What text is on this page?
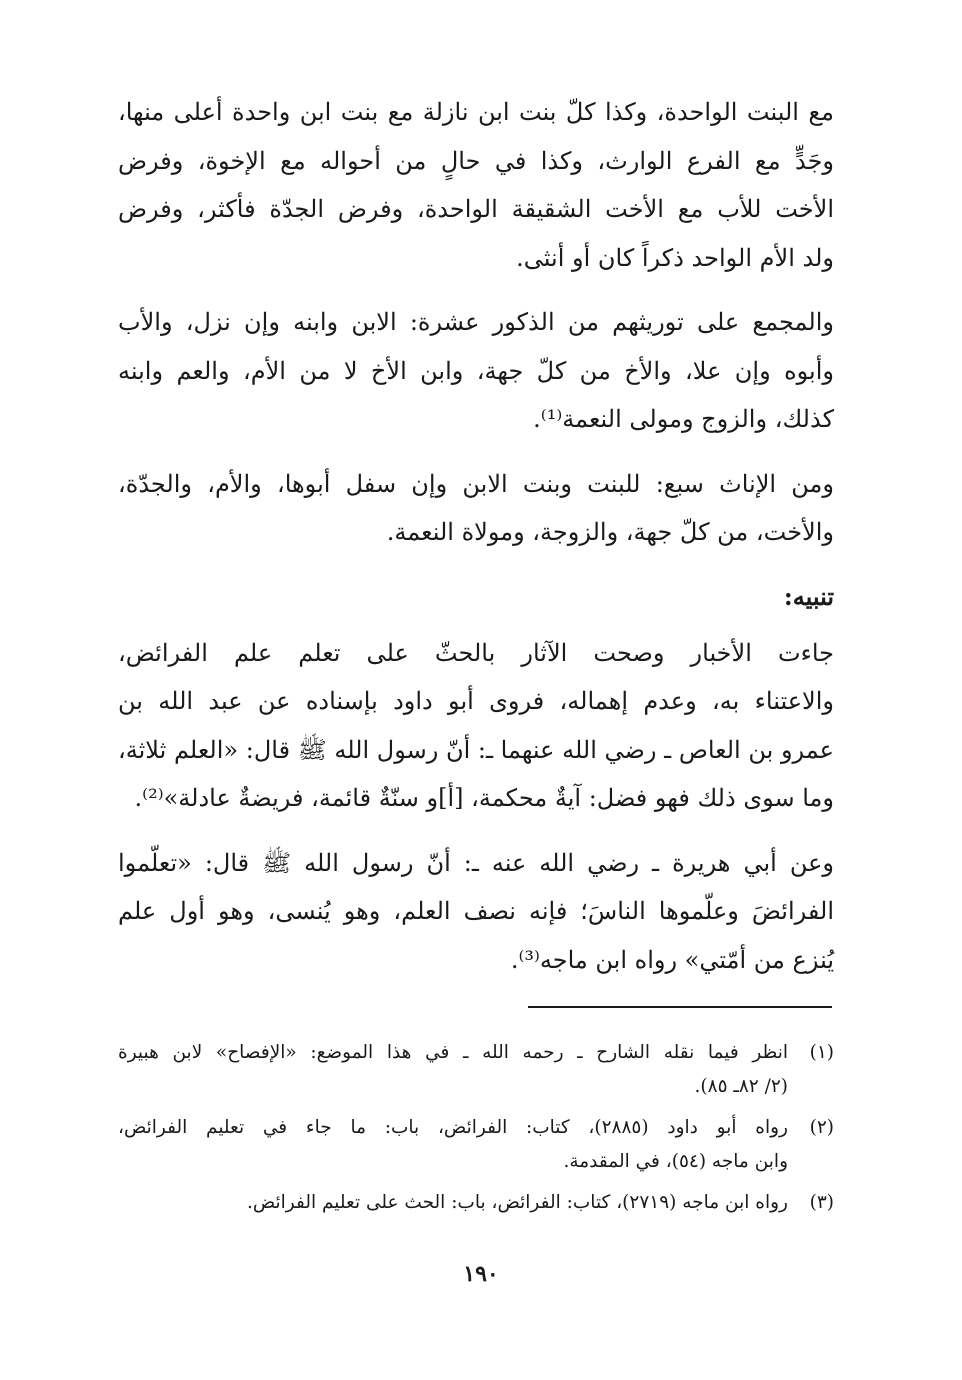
مع البنت الواحدة، وكذا كلّ بنت ابن نازلة مع بنت ابن واحدة أعلى منها،
وجَدٍّ مع الفرع الوارث، وكذا في حالٍ من أحواله مع الإخوة، وفرض
الأخت للأب مع الأخت الشقيقة الواحدة، وفرض الجدّة فأكثر، وفرض
ولد الأم الواحد ذكراً كان أو أنثى.
والمجمع على توريثهم من الذكور عشرة: الابن وابنه وإن نزل، والأب
وأبوه وإن علا، والأخ من كلّ جهة، وابن الأخ لا من الأم، والعم وابنه
كذلك، والزوج ومولى النعمة⁽¹⁾.
ومن الإناث سبع: للبنت وبنت الابن وإن سفل أبوها، والأم، والجدّة،
والأخت، من كلّ جهة، والزوجة، ومولاة النعمة.
تنبيه:
جاءت الأخبار وصحت الآثار بالحثّ على تعلم علم الفرائض،
والاعتناء به، وعدم إهماله، فروى أبو داود بإسناده عن عبد الله بن
عمرو بن العاص ـ رضي الله عنهما ـ: أنّ رسول الله ﷺ قال: «العلم ثلاثة،
وما سوى ذلك فهو فضل: آيةٌ محكمة، [أ]و سنّةٌ قائمة، فريضةٌ عادلة»⁽²⁾.
وعن أبي هريرة ـ رضي الله عنه ـ: أنّ رسول الله ﷺ قال: «تعلّموا
الفرائضَ وعلّموها الناسَ؛ فإنه نصف العلم، وهو يُنسى، وهو أول علم
يُنزع من أمّتي» رواه ابن ماجه⁽³⁾.
(١)
انظر فيما نقله الشارح ـ رحمه الله ـ في هذا الموضع: «الإفصاح» لابن هبيرة
(٢/ ٨٢ـ ٨٥).
(٢)
رواه أبو داود (٢٨٨٥)، كتاب: الفرائض، باب: ما جاء في تعليم الفرائض،
وابن ماجه (٥٤)، في المقدمة.
(٣)
رواه ابن ماجه (٢٧١٩)، كتاب: الفرائض، باب: الحث على تعليم الفرائض.
١٩٠
